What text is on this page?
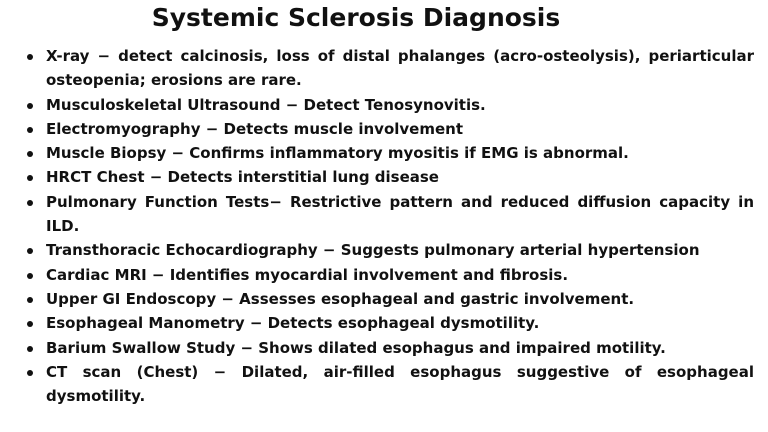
Systemic Sclerosis Diagnosis
X-ray − detect calcinosis, loss of distal phalanges (acro-osteolysis), periarticular osteopenia; erosions are rare.
Musculoskeletal Ultrasound − Detect Tenosynovitis.
Electromyography − Detects muscle involvement
Muscle Biopsy − Confirms inflammatory myositis if EMG is abnormal.
HRCT Chest − Detects interstitial lung disease
Pulmonary Function Tests− Restrictive pattern and reduced diffusion capacity in ILD.
Transthoracic Echocardiography − Suggests pulmonary arterial hypertension
Cardiac MRI − Identifies myocardial involvement and fibrosis.
Upper GI Endoscopy − Assesses esophageal and gastric involvement.
Esophageal Manometry − Detects esophageal dysmotility.
Barium Swallow Study − Shows dilated esophagus and impaired motility.
CT scan (Chest) − Dilated, air-filled esophagus suggestive of esophageal dysmotility.
